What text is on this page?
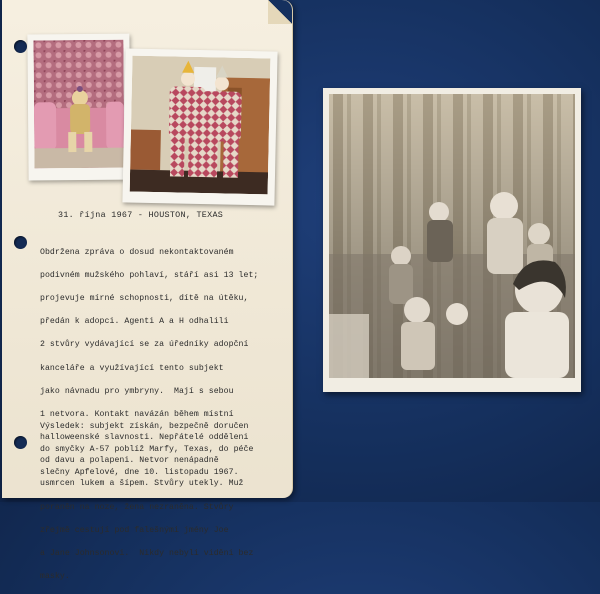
31. října 1967 - HOUSTON, TEXAS

Obdržena zpráva o dosud nekontaktovaném

podivném mužského pohlaví, stáří asi 13 let;

projevuje mírné schopnosti, dítě na útěku,

předán k adopci. Agenti A a H odhalili

2 stvůry vydávající se za úředníky adopční

kanceláře a využívající tento subjekt

jako návnadu pro ymbryny.  Mají s sebou

1 netvora. Kontakt navázán během místní

halloweenské slavnosti. Nepřátelé odděleni

od davu a polapeni. Netvor nenápadně

usmrcen lukem a šípem. Stvůry utekly. Muž

poraněn na noze, žena nezraněna. Stvůry

zřejmě cestují pod falešnými jmény Joe

a Jane Johnsonovi.  Nikdy nebyli viděni bez

masky.

Výsledek: subjekt získán, bezpečně doručen

do smyčky A-57 poblíž Marfy, Texas, do péče

slečny Apfelové, dne 10. listopadu 1967.
